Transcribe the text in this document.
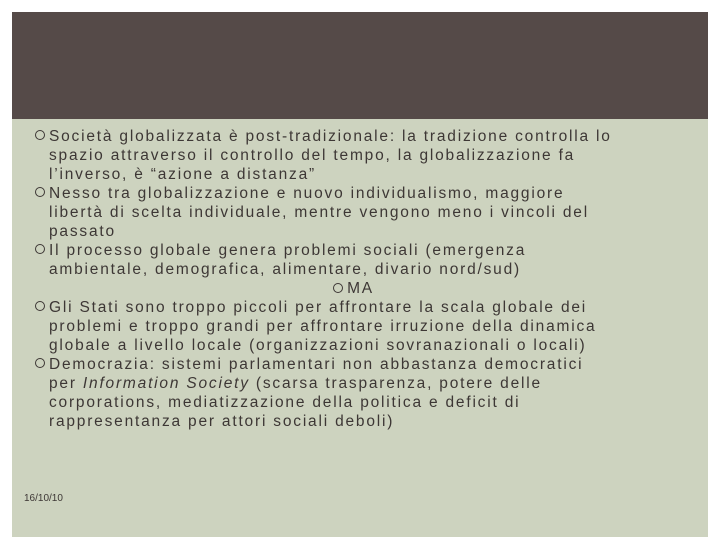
Società globalizzata è post-tradizionale: la tradizione controlla lo
spazio attraverso il controllo del tempo, la globalizzazione fa
l’inverso, è “azione a distanza”
Nesso tra globalizzazione e nuovo individualismo, maggiore
libertà di scelta individuale, mentre vengono meno i vincoli del
passato
Il processo globale genera problemi sociali (emergenza
ambientale, demografica, alimentare, divario nord/sud)
MA
Gli Stati sono troppo piccoli per affrontare la scala globale dei
problemi e troppo grandi per affrontare irruzione della dinamica
globale a livello locale (organizzazioni sovranazionali o locali)
Democrazia: sistemi parlamentari non abbastanza democratici
per Information Society (scarsa trasparenza, potere delle
corporations, mediatizzazione della politica e deficit di
rappresentanza per attori sociali deboli)
16/10/10
